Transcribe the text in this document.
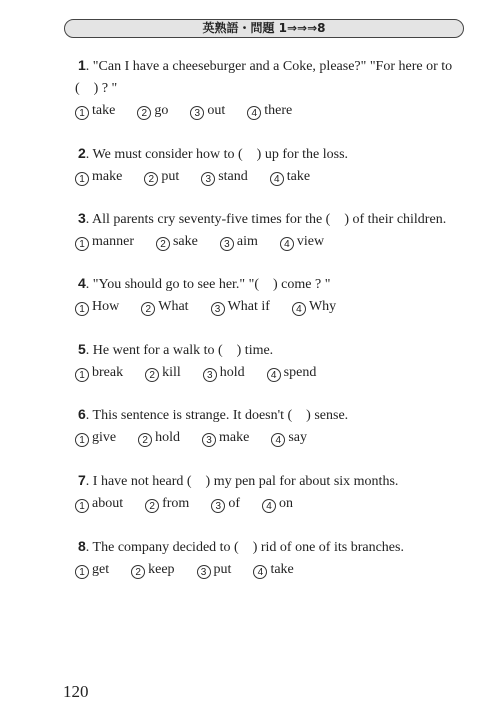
英熟語・問題 1⇒⇒⇒8
1. "Can I have a cheeseburger and a Coke, please?" "For here or to
( ) ? "
1 take	2 go	3 out	4 there
2. We must consider how to ( ) up for the loss.
1 make	2 put	3 stand	4 take
3. All parents cry seventy-five times for the ( ) of their children.
1 manner	2 sake	3 aim	4 view
4. "You should go to see her." "( ) come ? "
1 How	2 What	3 What if	4 Why
5. He went for a walk to ( ) time.
1 break	2 kill	3 hold	4 spend
6. This sentence is strange. It doesn't ( ) sense.
1 give	2 hold	3 make	4 say
7. I have not heard ( ) my pen pal for about six months.
1 about	2 from	3 of	4 on
8. The company decided to ( ) rid of one of its branches.
1 get	2 keep	3 put	4 take
120
